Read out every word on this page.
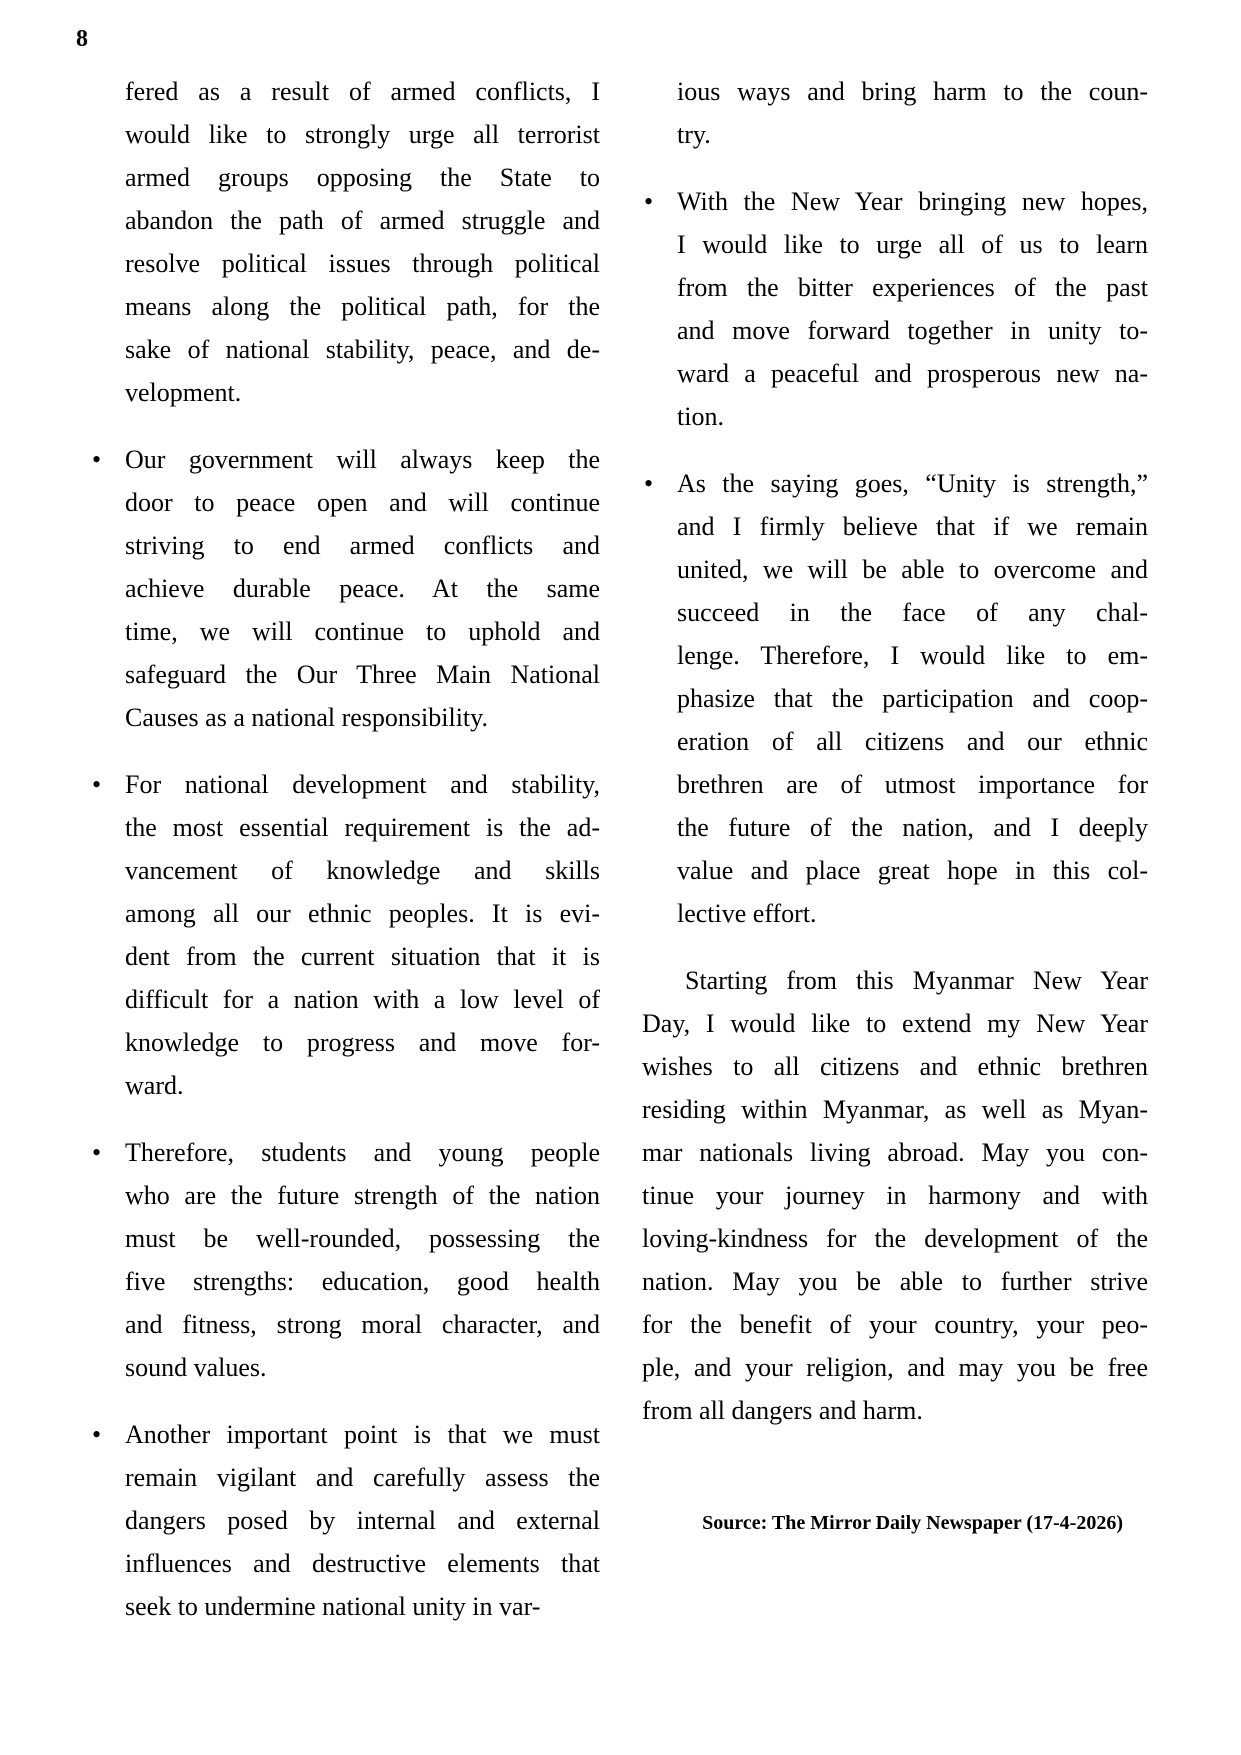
8
fered as a result of armed conflicts, I
would like to strongly urge all terrorist
armed groups opposing the State to
abandon the path of armed struggle and
resolve political issues through political
means along the political path, for the
sake of national stability, peace, and de-
velopment.
• Our government will always keep the
door to peace open and will continue
striving to end armed conflicts and
achieve durable peace. At the same
time, we will continue to uphold and
safeguard the Our Three Main National
Causes as a national responsibility.
• For national development and stability,
the most essential requirement is the ad-
vancement of knowledge and skills
among all our ethnic peoples. It is evi-
dent from the current situation that it is
difficult for a nation with a low level of
knowledge to progress and move for-
ward.
• Therefore, students and young people
who are the future strength of the nation
must be well-rounded, possessing the
five strengths: education, good health
and fitness, strong moral character, and
sound values.
• Another important point is that we must
remain vigilant and carefully assess the
dangers posed by internal and external
influences and destructive elements that
seek to undermine national unity in var-
ious ways and bring harm to the coun-
try.
• With the New Year bringing new hopes,
I would like to urge all of us to learn
from the bitter experiences of the past
and move forward together in unity to-
ward a peaceful and prosperous new na-
tion.
• As the saying goes, “Unity is strength,”
and I firmly believe that if we remain
united, we will be able to overcome and
succeed in the face of any chal-
lenge. Therefore, I would like to em-
phasize that the participation and coop-
eration of all citizens and our ethnic
brethren are of utmost importance for
the future of the nation, and I deeply
value and place great hope in this col-
lective effort.
Starting from this Myanmar New Year
Day, I would like to extend my New Year
wishes to all citizens and ethnic brethren
residing within Myanmar, as well as Myan-
mar nationals living abroad. May you con-
tinue your journey in harmony and with
loving-kindness for the development of the
nation. May you be able to further strive
for the benefit of your country, your peo-
ple, and your religion, and may you be free
from all dangers and harm.
Source: The Mirror Daily Newspaper (17-4-2026)
